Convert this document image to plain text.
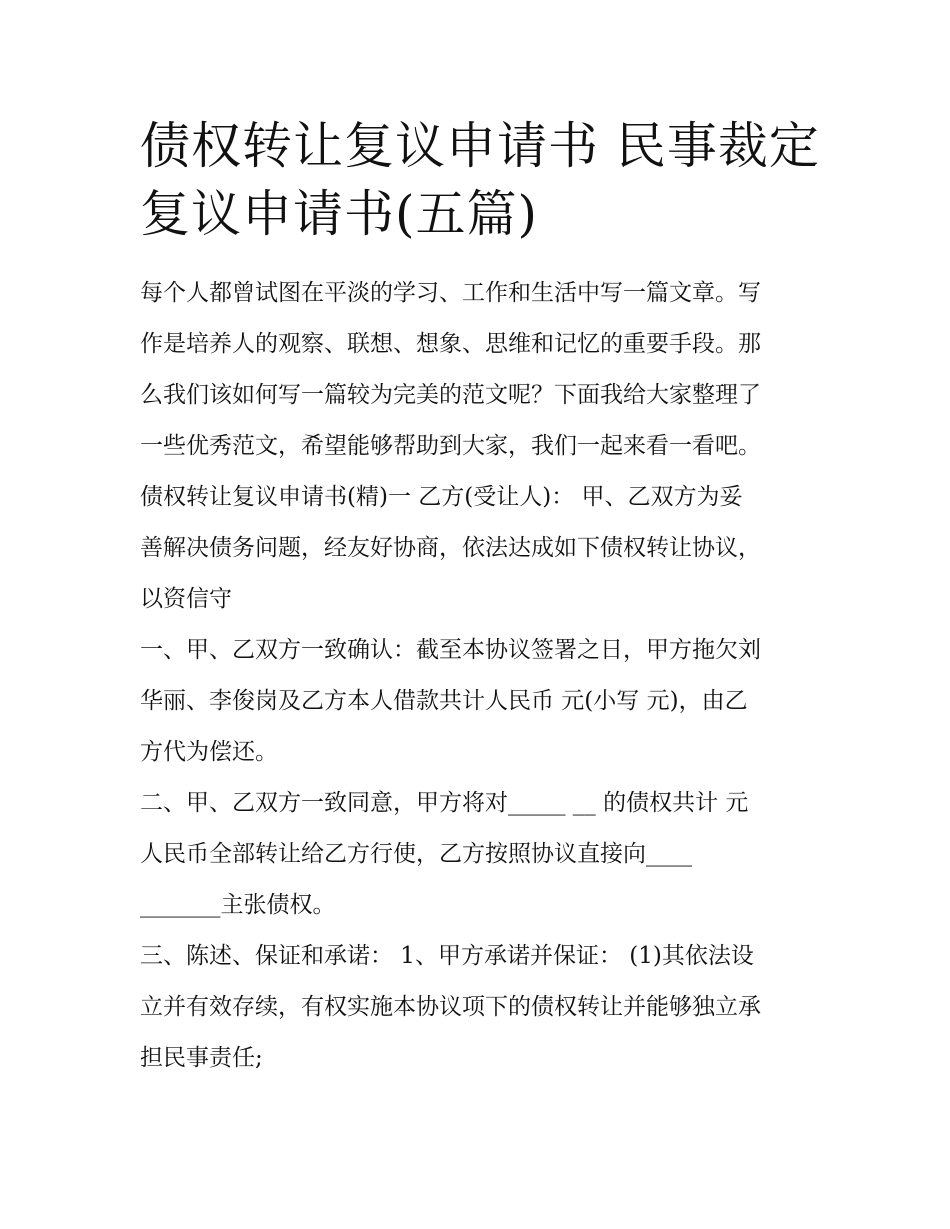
债权转让复议申请书 民事裁定
复议申请书(五篇)

每个人都曾试图在平淡的学习、工作和生活中写一篇文章。写
作是培养人的观察、联想、想象、思维和记忆的重要手段。那
么我们该如何写一篇较为完美的范文呢？下面我给大家整理了
一些优秀范文，希望能够帮助到大家，我们一起来看一看吧。
债权转让复议申请书(精)一 乙方(受让人)： 甲、乙双方为妥
善解决债务问题，经友好协商，依法达成如下债权转让协议，
以资信守

一、甲、乙双方一致确认：截至本协议签署之日，甲方拖欠刘
华丽、李俊岗及乙方本人借款共计人民币 元(小写 元)，由乙
方代为偿还。

二、甲、乙双方一致同意，甲方将对_____ __ 的债权共计 元
人民币全部转让给乙方行使，乙方按照协议直接向____
_______主张债权。

三、陈述、保证和承诺： 1、甲方承诺并保证： (1)其依法设
立并有效存续，有权实施本协议项下的债权转让并能够独立承
担民事责任;
